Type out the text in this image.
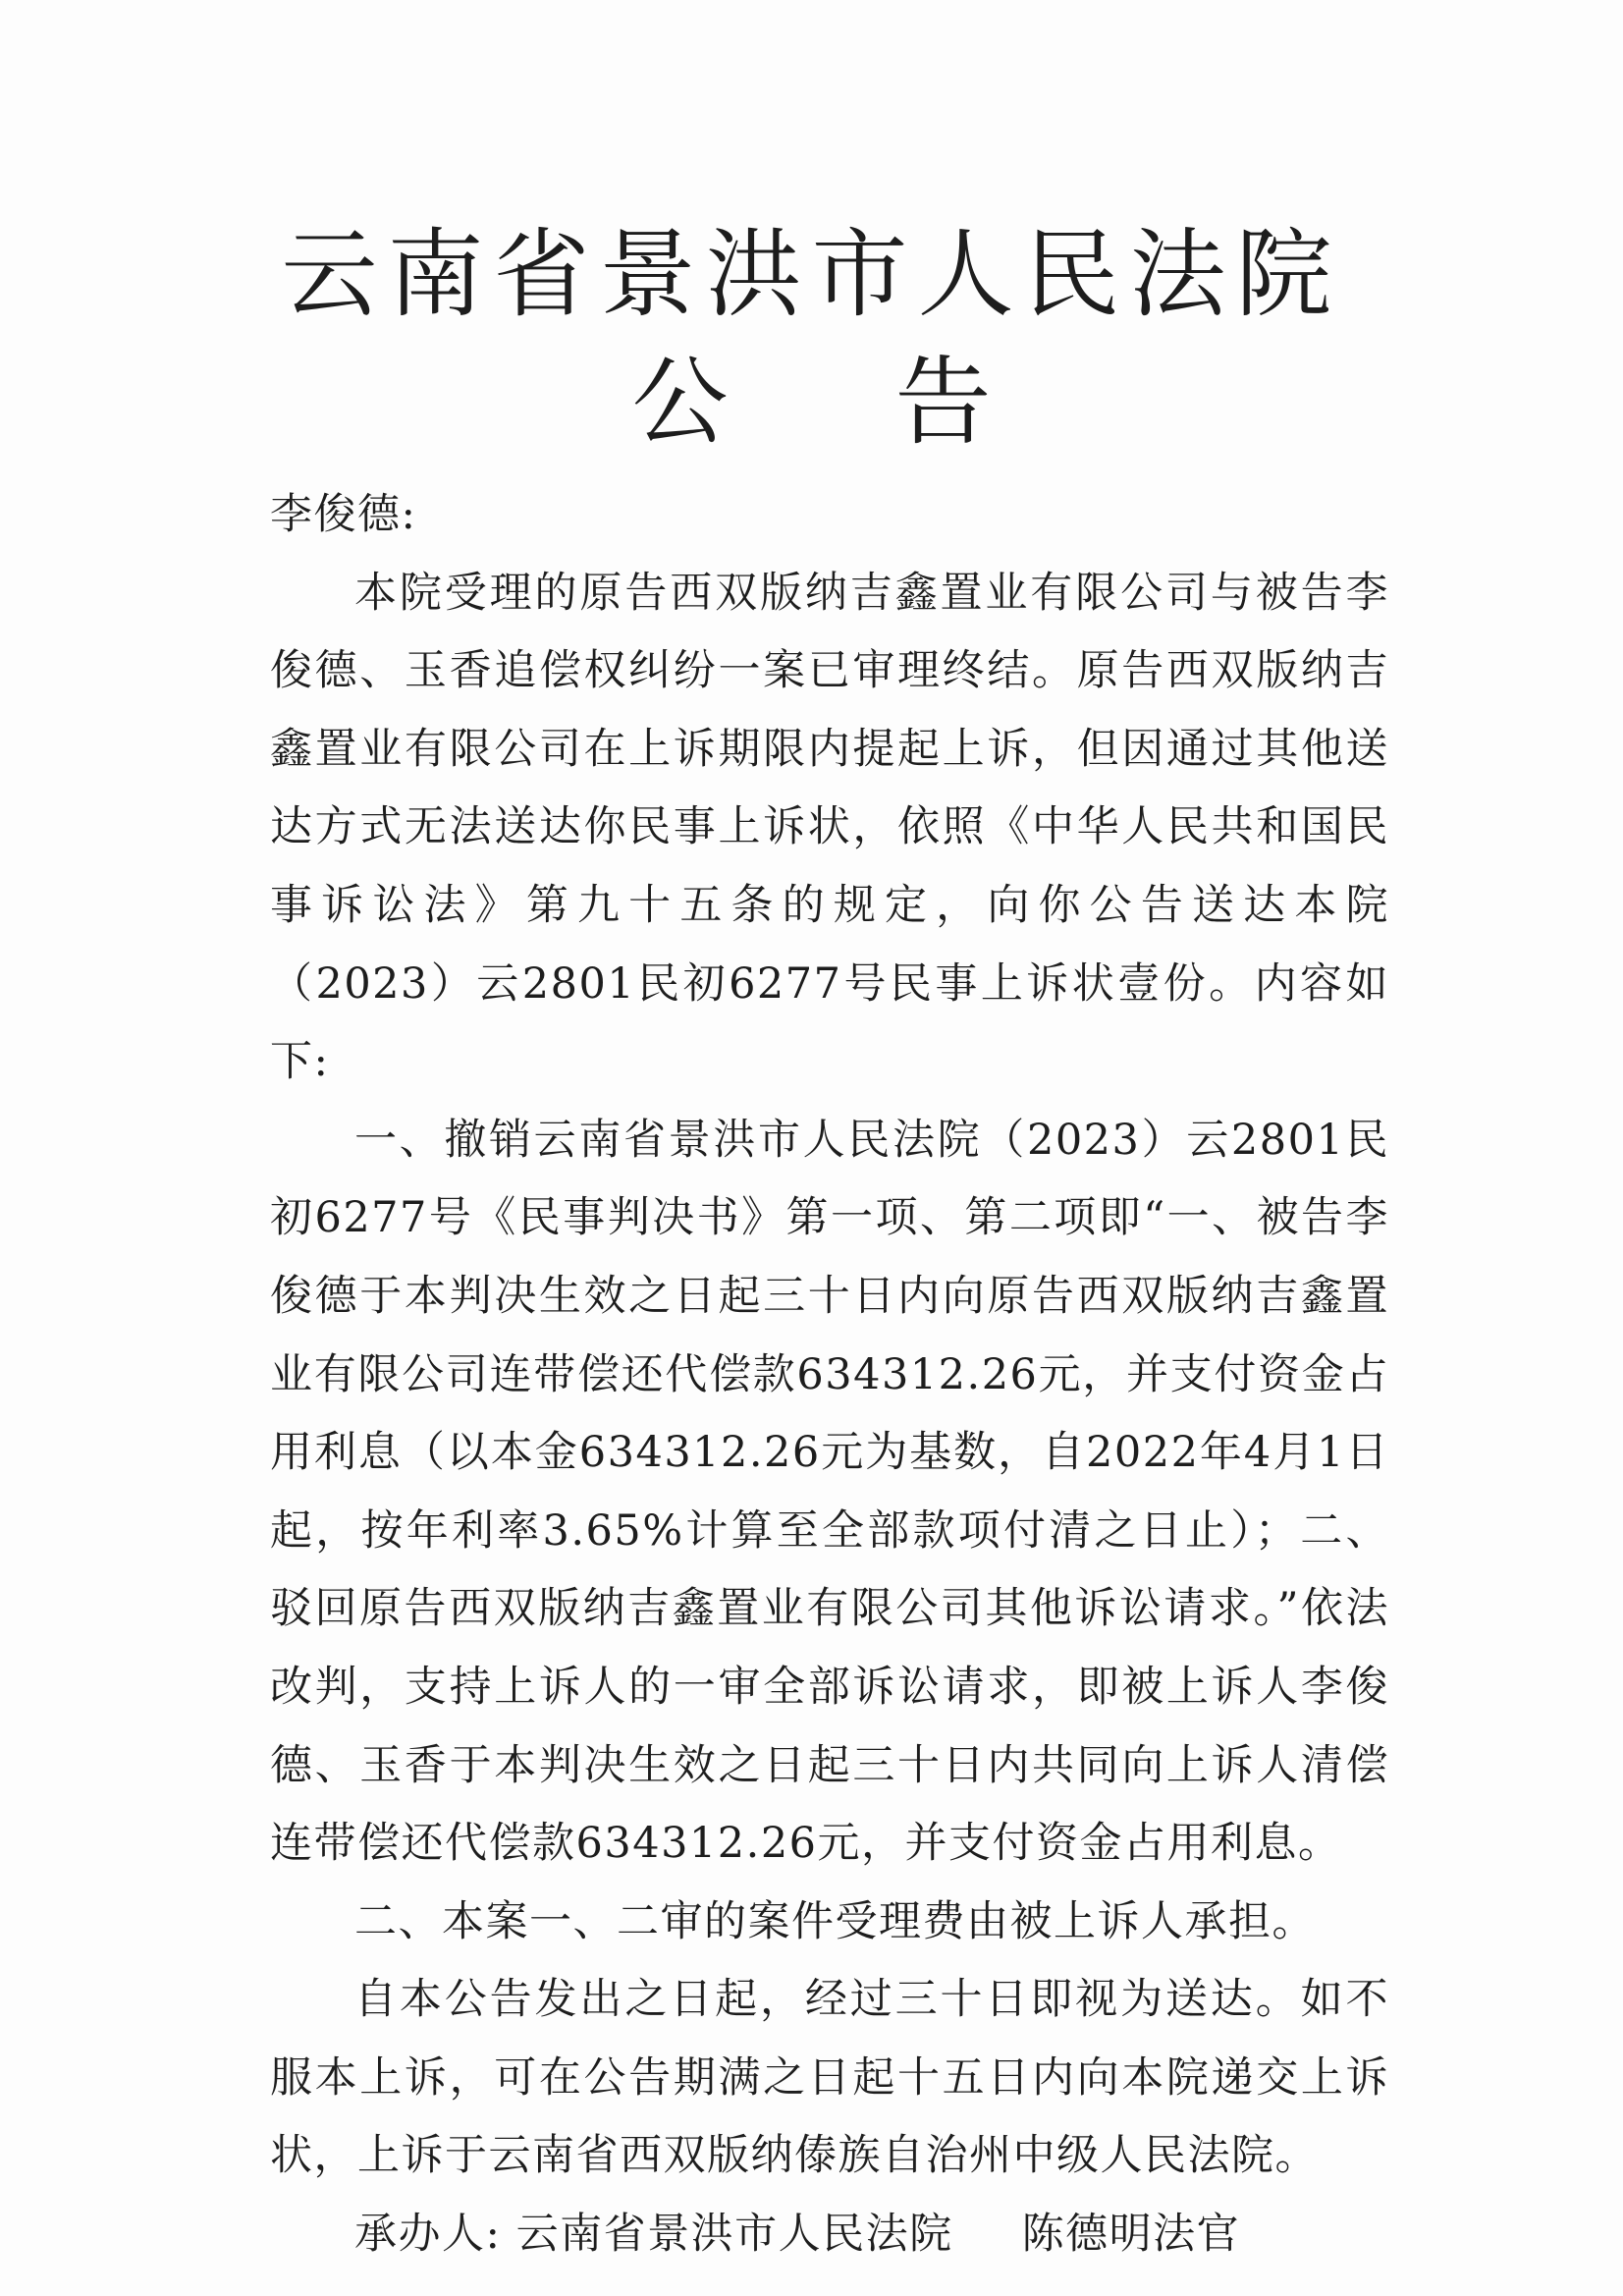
云南省景洪市人民法院
公告

李俊德:

本院受理的原告西双版纳吉鑫置业有限公司与被告李俊德、玉香追偿权纠纷一案已审理终结。原告西双版纳吉鑫置业有限公司在上诉期限内提起上诉，但因通过其他送达方式无法送达你民事上诉状，依照《中华人民共和国民事诉讼法》第九十五条的规定，向你公告送达本院（2023）云2801民初6277号民事上诉状壹份。内容如下:

一、撤销云南省景洪市人民法院（2023）云2801民初6277号《民事判决书》第一项、第二项即“一、被告李俊德于本判决生效之日起三十日内向原告西双版纳吉鑫置业有限公司连带偿还代偿款634312.26元，并支付资金占用利息（以本金634312.26元为基数，自2022年4月1日起，按年利率3.65%计算至全部款项付清之日止）；二、驳回原告西双版纳吉鑫置业有限公司其他诉讼请求。”依法改判，支持上诉人的一审全部诉讼请求，即被上诉人李俊德、玉香于本判决生效之日起三十日内共同向上诉人清偿连带偿还代偿款634312.26元，并支付资金占用利息。

二、本案一、二审的案件受理费由被上诉人承担。

自本公告发出之日起，经过三十日即视为送达。如不服本上诉，可在公告期满之日起十五日内向本院递交上诉状，上诉于云南省西双版纳傣族自治州中级人民法院。

承办人: 云南省景洪市人民法院 陈德明法官
